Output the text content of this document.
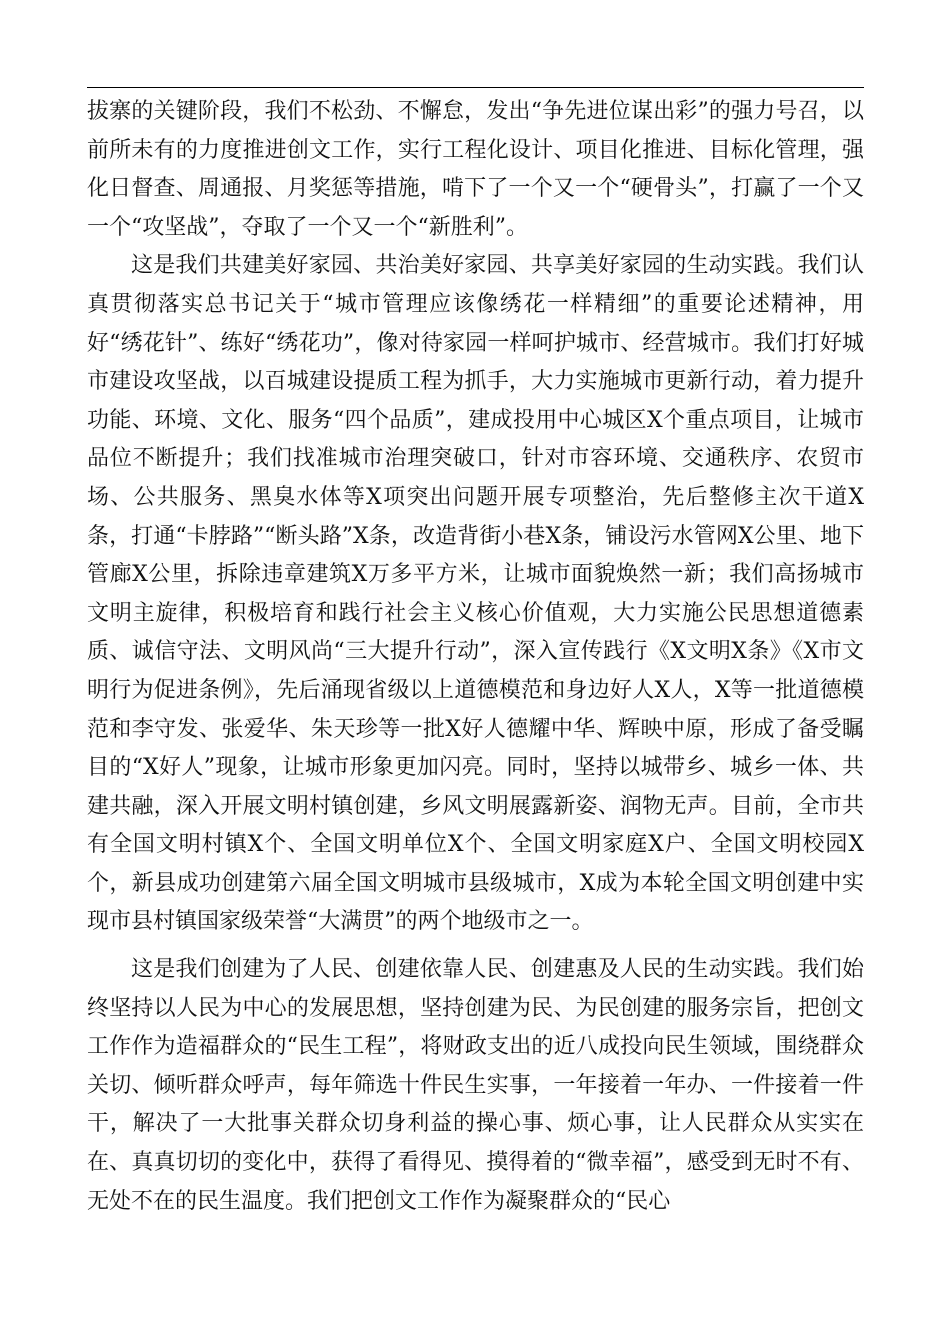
拔寨的关键阶段，我们不松劲、不懈怠，发出“争先进位谋出彩”的强力号召，以前所未有的力度推进创文工作，实行工程化设计、项目化推进、目标化管理，强化日督查、周通报、月奖惩等措施，啃下了一个又一个“硬骨头”，打赢了一个又一个“攻坚战”，夺取了一个又一个“新胜利”。

这是我们共建美好家园、共治美好家园、共享美好家园的生动实践。我们认真贯彻落实总书记关于“城市管理应该像绣花一样精细”的重要论述精神，用好“绣花针”、练好“绣花功”，像对待家园一样呵护城市、经营城市。我们打好城市建设攻坚战，以百城建设提质工程为抓手，大力实施城市更新行动，着力提升功能、环境、文化、服务“四个品质”，建成投用中心城区X个重点项目，让城市品位不断提升；我们找准城市治理突破口，针对市容环境、交通秩序、农贸市场、公共服务、黑臭水体等X项突出问题开展专项整治，先后整修主次干道X条，打通“卡脖路”“断头路”X条，改造背街小巷X条，铺设污水管网X公里、地下管廊X公里，拆除违章建筑X万多平方米，让城市面貌焕然一新；我们高扬城市文明主旋律，积极培育和践行社会主义核心价值观，大力实施公民思想道德素质、诚信守法、文明风尚“三大提升行动”，深入宣传践行《X文明X条》《X市文明行为促进条例》，先后涌现省级以上道德模范和身边好人X人，X等一批道德模范和李守发、张爱华、朱天珍等一批X好人德耀中华、辉映中原，形成了备受瞩目的“X好人”现象，让城市形象更加闪亮。同时，坚持以城带乡、城乡一体、共建共融，深入开展文明村镇创建，乡风文明展露新姿、润物无声。目前，全市共有全国文明村镇X个、全国文明单位X个、全国文明家庭X户、全国文明校园X个，新县成功创建第六届全国文明城市县级城市，X成为本轮全国文明创建中实现市县村镇国家级荣誉“大满贯”的两个地级市之一。

这是我们创建为了人民、创建依靠人民、创建惠及人民的生动实践。我们始终坚持以人民为中心的发展思想，坚持创建为民、为民创建的服务宗旨，把创文工作作为造福群众的“民生工程”，将财政支出的近八成投向民生领域，围绕群众关切、倾听群众呼声，每年筛选十件民生实事，一年接着一年办、一件接着一件干，解决了一大批事关群众切身利益的操心事、烦心事，让人民群众从实实在在、真真切切的变化中，获得了看得见、摸得着的“微幸福”，感受到无时不有、无处不在的民生温度。我们把创文工作作为凝聚群众的“民心
